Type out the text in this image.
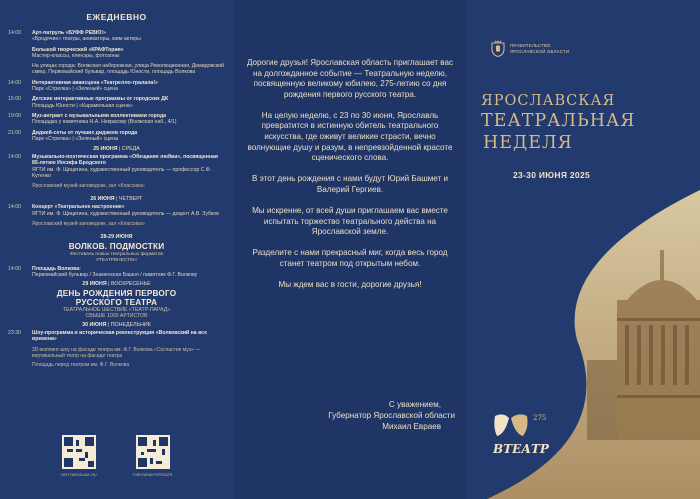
ЕЖЕДНЕВНО
14:00	Арт-патруль «БУФФ РЕВЮ!»
«Бродячие» театры, аниматоры, мим-актеры
Большой творческий «КРАФТория»
Мастер-классы, пленэры, фотозоны
На улицах города: Волжская набережная, улица Революционная, Демидовский сквер, Первомайский бульвар, площадь Юности, площадь Волкова
14:00	Интерактивная авансцена «Театрелло-тралала!»
Парк «Стрелка» | «Зеленый» сцена
15:00	Детские интерактивные программы от городских ДК
Площадь Юности | «Карамельная сцена»
19:00	Муз-антракт с музыкальными коллективами города
Площадка у памятника Н.А. Некрасову (Волжская наб., 4/1)
21:00	Диджей-сеты от лучших диджеев города
Парк «Стрелка» | «Зеленый» сцена
25 ИЮНЯ | СРЕДА
14:00	Музыкально-поэтическая программа «Обещание любви», посвященная 85-летию Иосифа Бродского
ЯГТИ им. Ф. Щицигина, художественный руководитель — профессор С.Ф. Кутенко
Ярославский музей-заповедник, зал «Классика»
26 ИЮНЯ | ЧЕТВЕРГ
14:00	Концерт «Театральное настроение»
ЯГТИ им. Ф. Щицигина, художественный руководитель — доцент А.В. Зубков
Ярославский музей-заповедник, зал «Классика»
28-29 ИЮНЯ
ВОЛКОВ. ПОДМОСТКИ
Фестиваль новых театральных форматов #ТЕАТРВНЕСТЕН
14:00	Площадь Волкова:
Первомайский бульвар / Знаменская Башня / памятник Ф.Г. Волкову
29 ИЮНЯ | ВОСКРЕСЕНЬЕ
ДЕНЬ РОЖДЕНИЯ ПЕРВОГО
РУССКОГО ТЕАТРА
ТЕАТРАЛЬНОЕ ШЕСТВИЕ «ТЕАТР-ПАРАД»
СВЫШЕ 1000 АРТИСТОВ
30 ИЮНЯ | ПОНЕДЕЛЬНИК
23:30	Шоу-программа и историческая реконструкция «Волковский на все времена»
3D-мэппинг-шоу на фасаде театра им. Ф.Г. Волкова «Сосчастие муз» — вертикальный театр на фасаде театра
Площадь перед театром им. Ф.Г. Волкова
VISITYAROSLAVL.RU	T.ME/YARAVTORTEATR

Дорогие друзья! Ярославская область приглашает вас на долгожданное событие — Театральную неделю, посвященную великому юбилею, 275-летию со дня рождения первого русского театра.

На целую неделю, с 23 по 30 июня, Ярославль превратится в истинную обитель театрального искусства, где оживут великие страсти, вечно волнующие душу и разум, в непревзойденной красоте сценического слова.

В этот день рождения с нами будут Юрий Башмет и Валерий Гергиев.

Мы искренне, от всей души приглашаем вас вместе испытать торжество театрального действа на Ярославской земле.

Разделите с нами прекрасный миг, когда весь город станет театром под открытым небом.

Мы ждем вас в гости, дорогие друзья!

С уважением,
Губернатор Ярославской области
Михаил Евраев
ПРАВИТЕЛЬСТВО
ЯРОСЛАВСКОЙ ОБЛАСТИ
ЯРОСЛАВСКАЯ
ТЕАТРАЛЬНАЯ
НЕДЕЛЯ
23-30 ИЮНЯ 2025
275
ВТЕАТР
